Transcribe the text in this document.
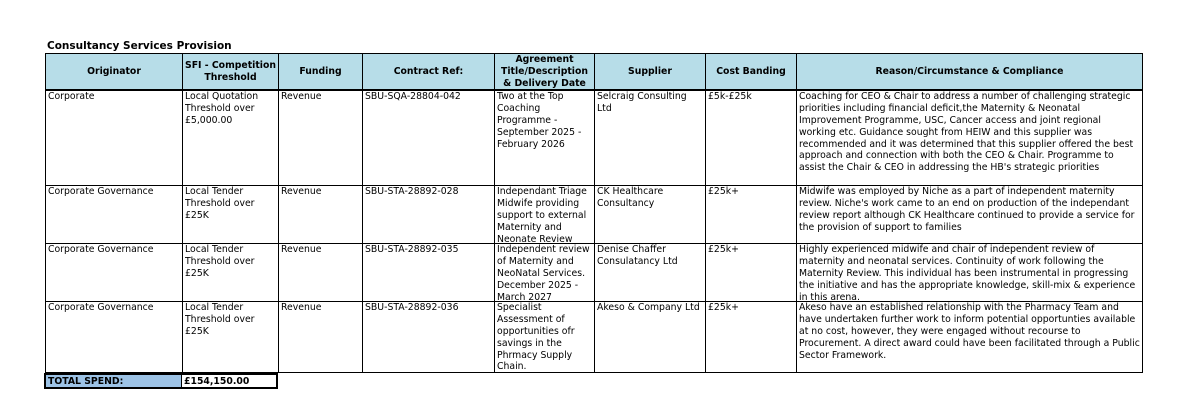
Consultancy Services Provision
Originator	SFI - Competition Threshold	Funding	Contract Ref:	Agreement Title/Description & Delivery Date	Supplier	Cost Banding	Reason/Circumstance & Compliance

Corporate	Local Quotation Threshold over £5,000.00	Revenue	SBU-SQA-28804-042	Two at the Top Coaching Programme - September 2025 - February 2026	Selcraig Consulting Ltd	£5k-£25k	Coaching for CEO & Chair to address a number of challenging strategic priorities including financial deficit,the Maternity & Neonatal Improvement Programme, USC, Cancer access and joint regional working etc. Guidance sought from HEIW and this supplier was recommended and it was determined that this supplier offered the best approach and connection with both the CEO & Chair. Programme to assist the Chair & CEO in addressing the HB's strategic priorities

Corporate Governance	Local Tender Threshold over £25K	Revenue	SBU-STA-28892-028	Independant Triage Midwife providing support to external Maternity and Neonate Review	CK Healthcare Consultancy	£25k+	Midwife was employed by Niche as a part of independent maternity review. Niche's work came to an end on production of the independant review report although CK Healthcare continued to provide a service for the provision of support to families

Corporate Governance	Local Tender Threshold over £25K	Revenue	SBU-STA-28892-035	Independent review of Maternity and NeoNatal Services. December 2025 - March 2027	Denise Chaffer Consulatancy Ltd	£25k+	Highly experienced midwife and chair of independent review of maternity and neonatal services. Continuity of work following the Maternity Review. This individual has been instrumental in progressing the initiative and has the appropriate knowledge, skill-mix & experience in this arena.

Corporate Governance	Local Tender Threshold over £25K	Revenue	SBU-STA-28892-036	Specialist Assessment of opportunities ofr savings in the Phrmacy Supply Chain.	Akeso & Company Ltd	£25k+	Akeso have an established relationship with the Pharmacy Team and have undertaken further work to inform potential opportunties available at no cost, however, they were engaged without recourse to Procurement. A direct award could have been facilitated through a Public Sector Framework.
TOTAL SPEND:	£154,150.00
